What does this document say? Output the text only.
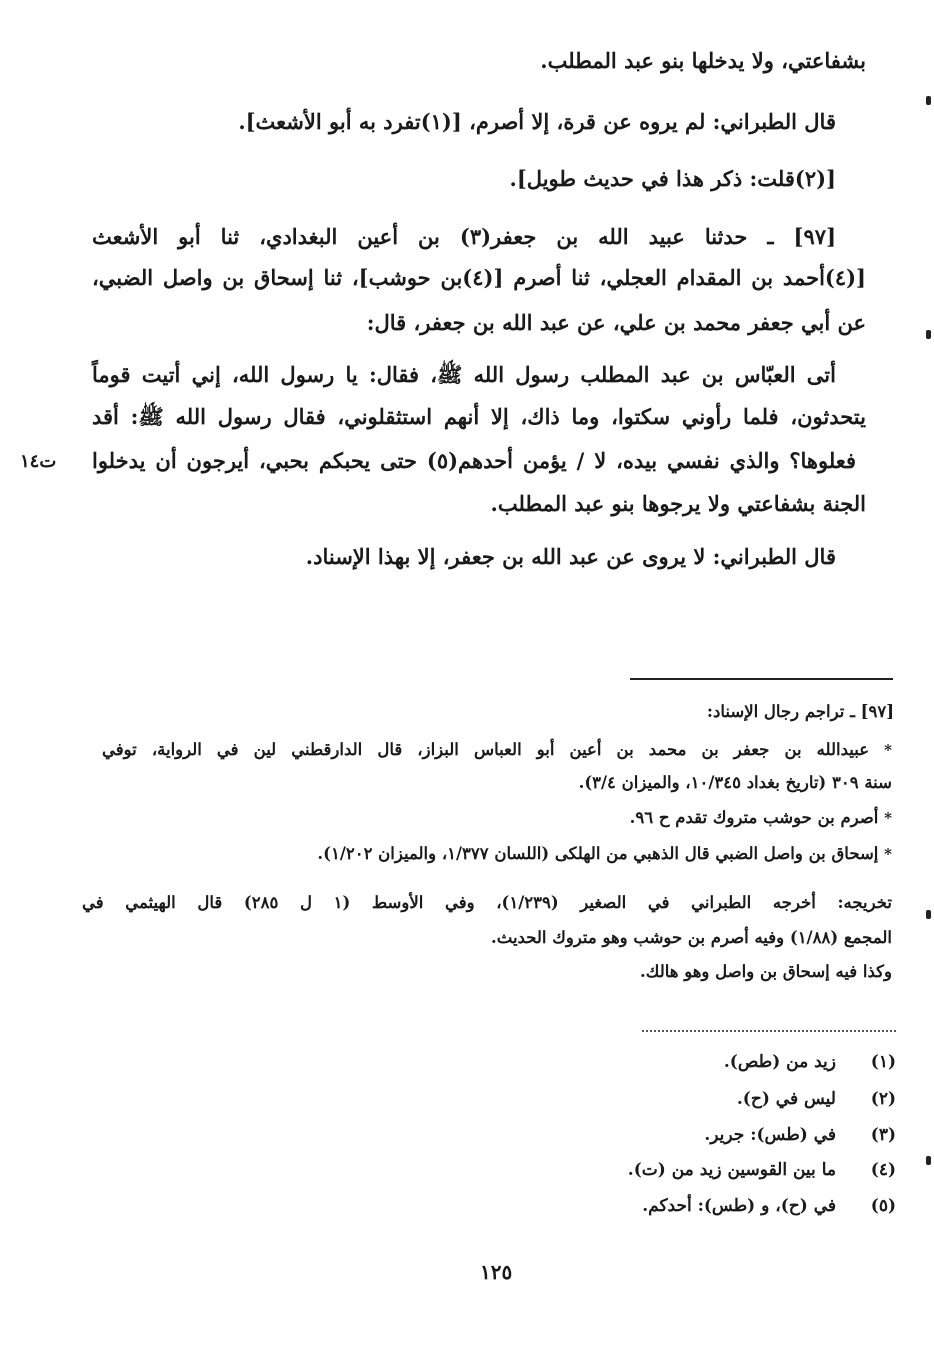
بشفاعتي، ولا يدخلها بنو عبد المطلب.
قال الطبراني: لم يروه عن قرة، إلا أصرم، [(١)تفرد به أبو الأشعث].
[(٢)قلت: ذكر هذا في حديث طويل].
[٩٧] ـ حدثنا عبيد الله بن جعفر(٣) بن أعين البغدادي، ثنا أبو الأشعث
[(٤)أحمد بن المقدام العجلي، ثنا أصرم [(٤)بن حوشب]، ثنا إسحاق بن واصل الضبي،
عن أبي جعفر محمد بن علي، عن عبد الله بن جعفر، قال:
أتى العبّاس بن عبد المطلب رسول الله ﷺ، فقال: يا رسول الله، إني أتيت قوماً
يتحدثون، فلما رأوني سكتوا، وما ذاك، إلا أنهم استثقلوني، فقال رسول الله ﷺ: أقد
فعلوها؟ والذي نفسي بيده، لا / يؤمن أحدهم(٥) حتى يحبكم بحبي، أيرجون أن يدخلوا
الجنة بشفاعتي ولا يرجوها بنو عبد المطلب.
ت١٤
قال الطبراني: لا يروى عن عبد الله بن جعفر، إلا بهذا الإسناد.
[٩٧] ـ تراجم رجال الإسناد:
* عبيدالله بن جعفر بن محمد بن أعين أبو العباس البزاز، قال الدارقطني لين في الرواية، توفي
سنة ٣٠٩ (تاريخ بغداد ١٠/٣٤٥، والميزان ٣/٤).
* أصرم بن حوشب متروك تقدم ح ٩٦.
* إسحاق بن واصل الضبي قال الذهبي من الهلكى (اللسان ١/٣٧٧، والميزان ١/٢٠٢).
تخريجه: أخرجه الطبراني في الصغير (١/٢٣٩)، وفي الأوسط (١ ل ٢٨٥) قال الهيثمي في
المجمع (١/٨٨) وفيه أصرم بن حوشب وهو متروك الحديث.
وكذا فيه إسحاق بن واصل وهو هالك.
(١)
زيد من (طص).
(٢)
ليس في (ح).
(٣)
في (طس): جرير.
(٤)
ما بين القوسين زيد من (ت).
(٥)
في (ح)، و (طس): أحدكم.
١٢٥
